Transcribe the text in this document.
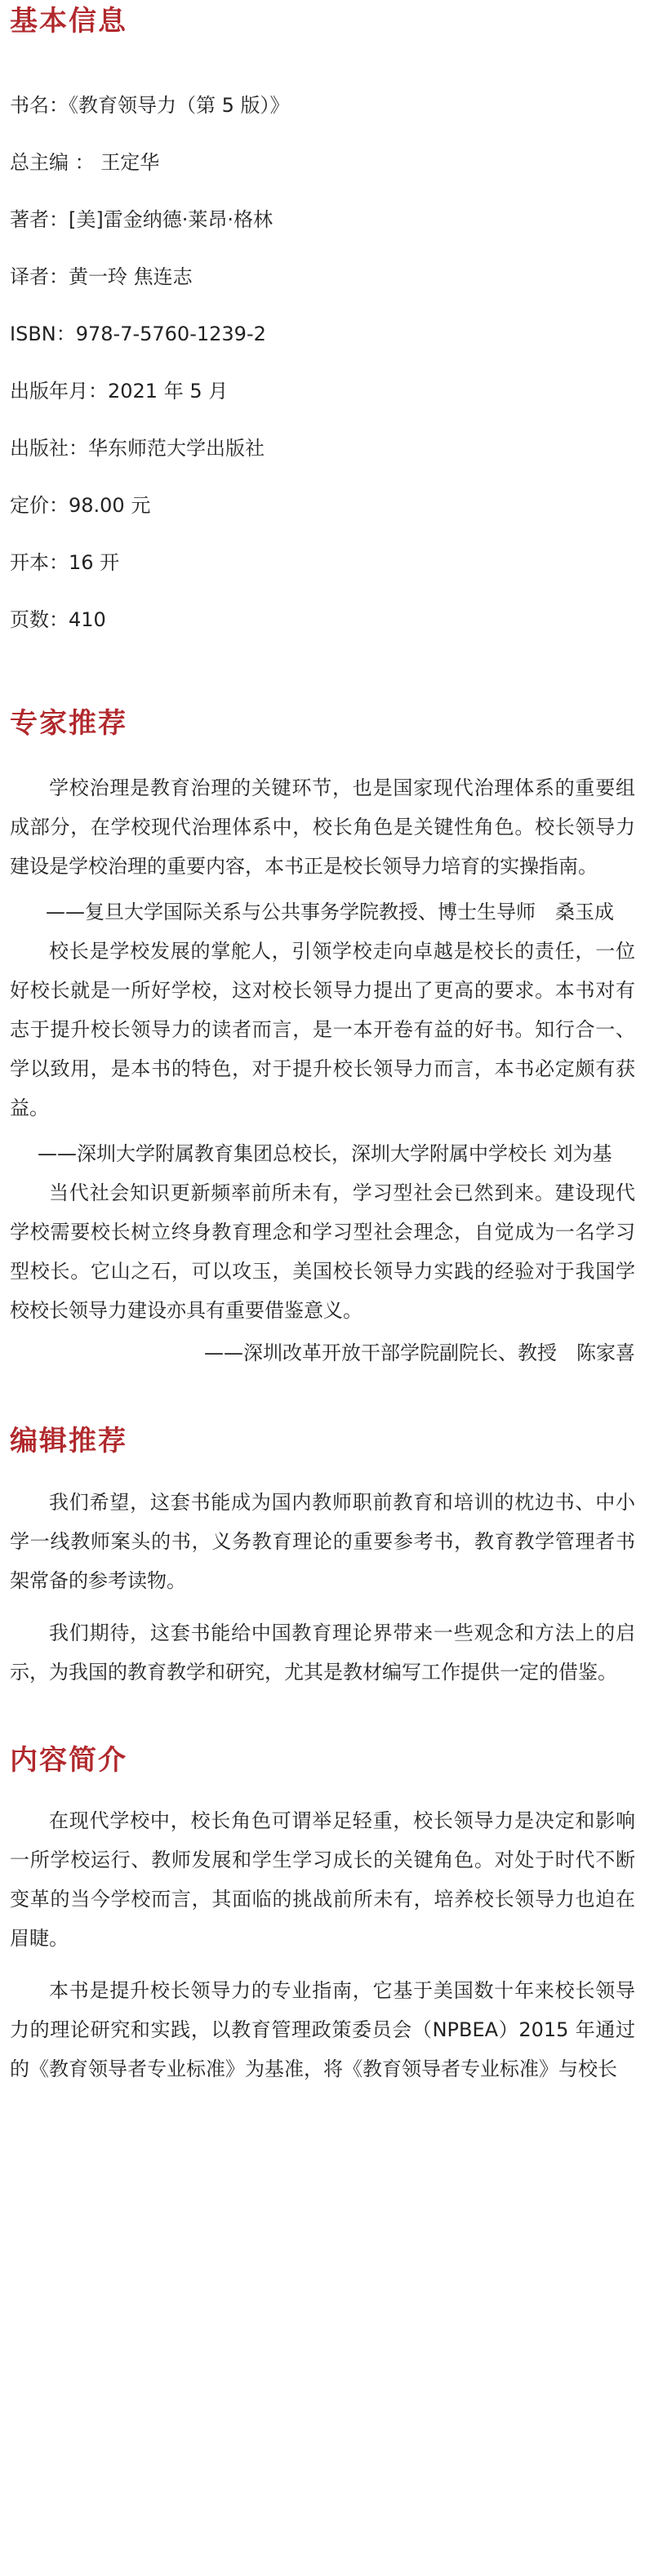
基本信息

书名：《教育领导力（第 5 版）》

总主编 ： 王定华

著者：[美]雷金纳德·莱昂·格林

译者：黄一玲 焦连志

ISBN：978-7-5760-1239-2

出版年月：2021 年 5 月

出版社：华东师范大学出版社

定价：98.00 元

开本：16 开

页数：410

专家推荐

学校治理是教育治理的关键环节，也是国家现代治理体系的重要组成部分，在学校现代治理体系中，校长角色是关键性角色。校长领导力建设是学校治理的重要内容，本书正是校长领导力培育的实操指南。

——复旦大学国际关系与公共事务学院教授、博士生导师　桑玉成

校长是学校发展的掌舵人，引领学校走向卓越是校长的责任，一位好校长就是一所好学校，这对校长领导力提出了更高的要求。本书对有志于提升校长领导力的读者而言，是一本开卷有益的好书。知行合一、学以致用，是本书的特色，对于提升校长领导力而言，本书必定颇有获益。

——深圳大学附属教育集团总校长，深圳大学附属中学校长 刘为基

当代社会知识更新频率前所未有，学习型社会已然到来。建设现代学校需要校长树立终身教育理念和学习型社会理念，自觉成为一名学习型校长。它山之石，可以攻玉，美国校长领导力实践的经验对于我国学校校长领导力建设亦具有重要借鉴意义。

——深圳改革开放干部学院副院长、教授　陈家喜

编辑推荐

我们希望，这套书能成为国内教师职前教育和培训的枕边书、中小学一线教师案头的书，义务教育理论的重要参考书，教育教学管理者书架常备的参考读物。

我们期待，这套书能给中国教育理论界带来一些观念和方法上的启示，为我国的教育教学和研究，尤其是教材编写工作提供一定的借鉴。

内容简介

在现代学校中，校长角色可谓举足轻重，校长领导力是决定和影响一所学校运行、教师发展和学生学习成长的关键角色。对处于时代不断变革的当今学校而言，其面临的挑战前所未有，培养校长领导力也迫在眉睫。

本书是提升校长领导力的专业指南，它基于美国数十年来校长领导力的理论研究和实践，以教育管理政策委员会（NPBEA）2015 年通过的《教育领导者专业标准》为基准，将《教育领导者专业标准》与校长
